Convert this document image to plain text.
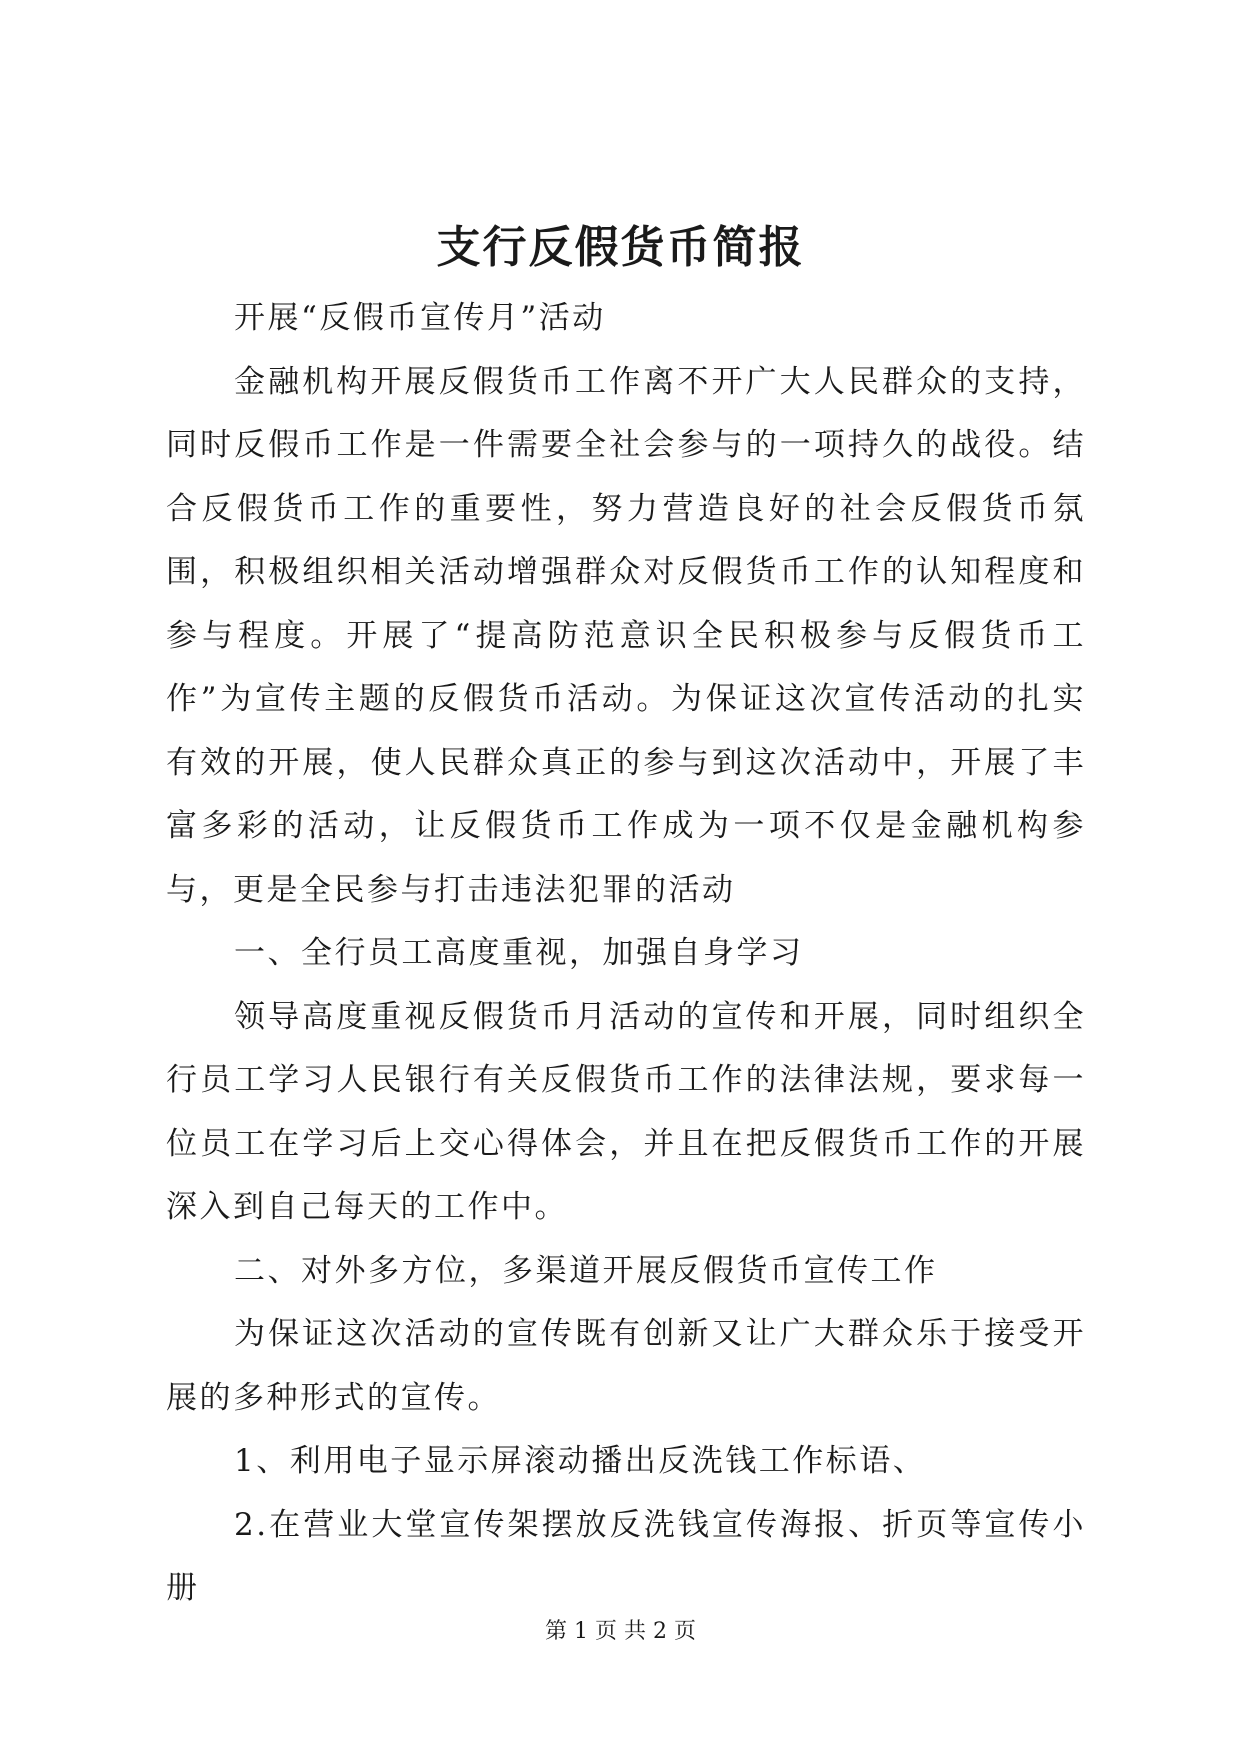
支行反假货币简报

开展“反假币宣传月”活动

金融机构开展反假货币工作离不开广大人民群众的支持，同时反假币工作是一件需要全社会参与的一项持久的战役。结合反假货币工作的重要性，努力营造良好的社会反假货币氛围，积极组织相关活动增强群众对反假货币工作的认知程度和参与程度。开展了“提高防范意识全民积极参与反假货币工作”为宣传主题的反假货币活动。为保证这次宣传活动的扎实有效的开展，使人民群众真正的参与到这次活动中，开展了丰富多彩的活动，让反假货币工作成为一项不仅是金融机构参与，更是全民参与打击违法犯罪的活动

一、全行员工高度重视，加强自身学习

领导高度重视反假货币月活动的宣传和开展，同时组织全行员工学习人民银行有关反假货币工作的法律法规，要求每一位员工在学习后上交心得体会，并且在把反假货币工作的开展深入到自己每天的工作中。

二、对外多方位，多渠道开展反假货币宣传工作

为保证这次活动的宣传既有创新又让广大群众乐于接受开展的多种形式的宣传。

1、利用电子显示屏滚动播出反洗钱工作标语、

2.在营业大堂宣传架摆放反洗钱宣传海报、折页等宣传小册

第 1 页 共 2 页
